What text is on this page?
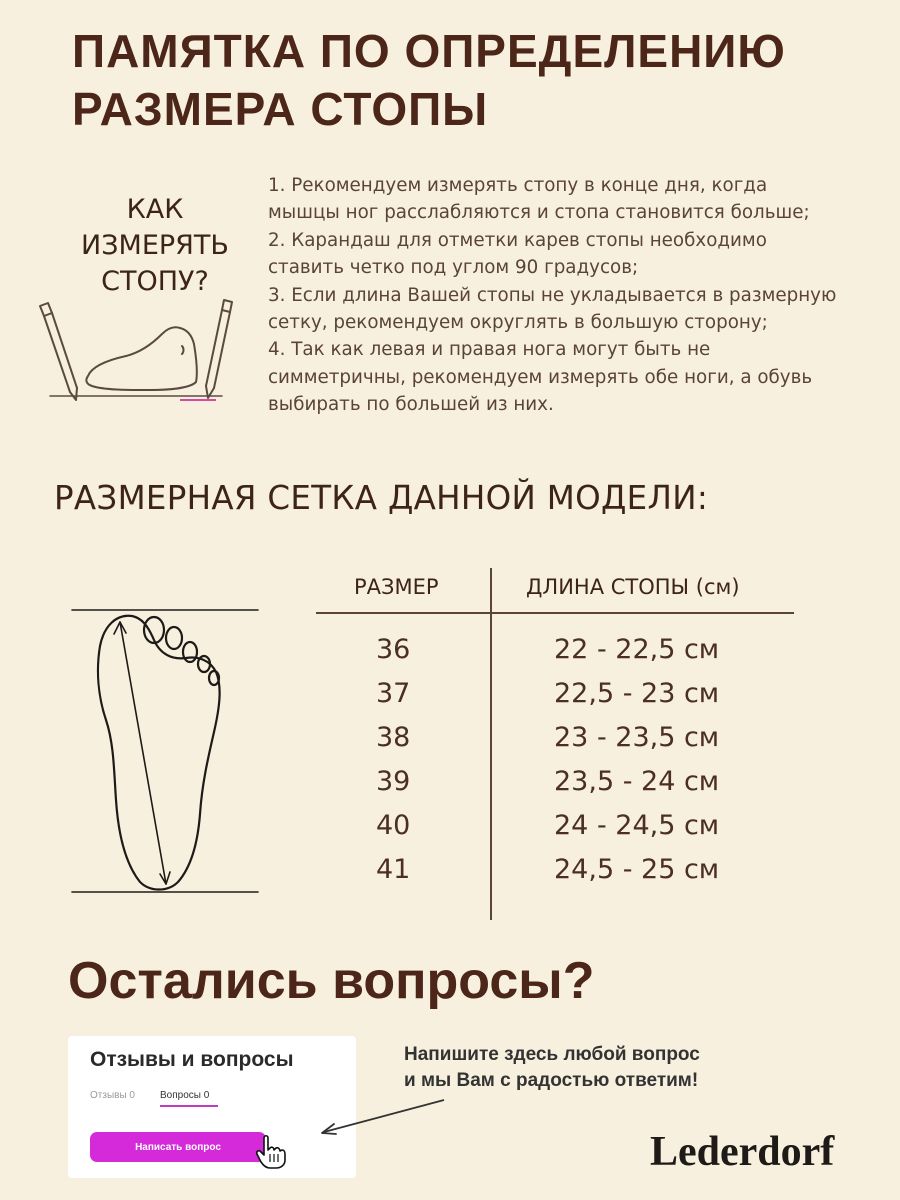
ПАМЯТКА ПО ОПРЕДЕЛЕНИЮ
РАЗМЕРА СТОПЫ
КАК
ИЗМЕРЯТЬ
СТОПУ?
1. Рекомендуем измерять стопу в конце дня, когда
мышцы ног расслабляются и стопа становится больше;
2. Карандаш для отметки карев стопы необходимо
ставить четко под углом 90 градусов;
3. Если длина Вашей стопы не укладывается в размерную
сетку, рекомендуем округлять в большую сторону;
4. Так как левая и правая нога могут быть не
симметричны, рекомендуем измерять обе ноги, а обувь
выбирать по большей из них.
РАЗМЕРНАЯ СЕТКА ДАННОЙ МОДЕЛИ:
РАЗМЕР	ДЛИНА СТОПЫ (см)
36	22 - 22,5 см
37	22,5 - 23 см
38	23 - 23,5 см
39	23,5 - 24 см
40	24 - 24,5 см
41	24,5 - 25 см
Остались вопросы?
Отзывы и вопросы
Отзывы 0	Вопросы 0
Написать вопрос
Напишите здесь любой вопрос
и мы Вам с радостью ответим!
Lederdorf
